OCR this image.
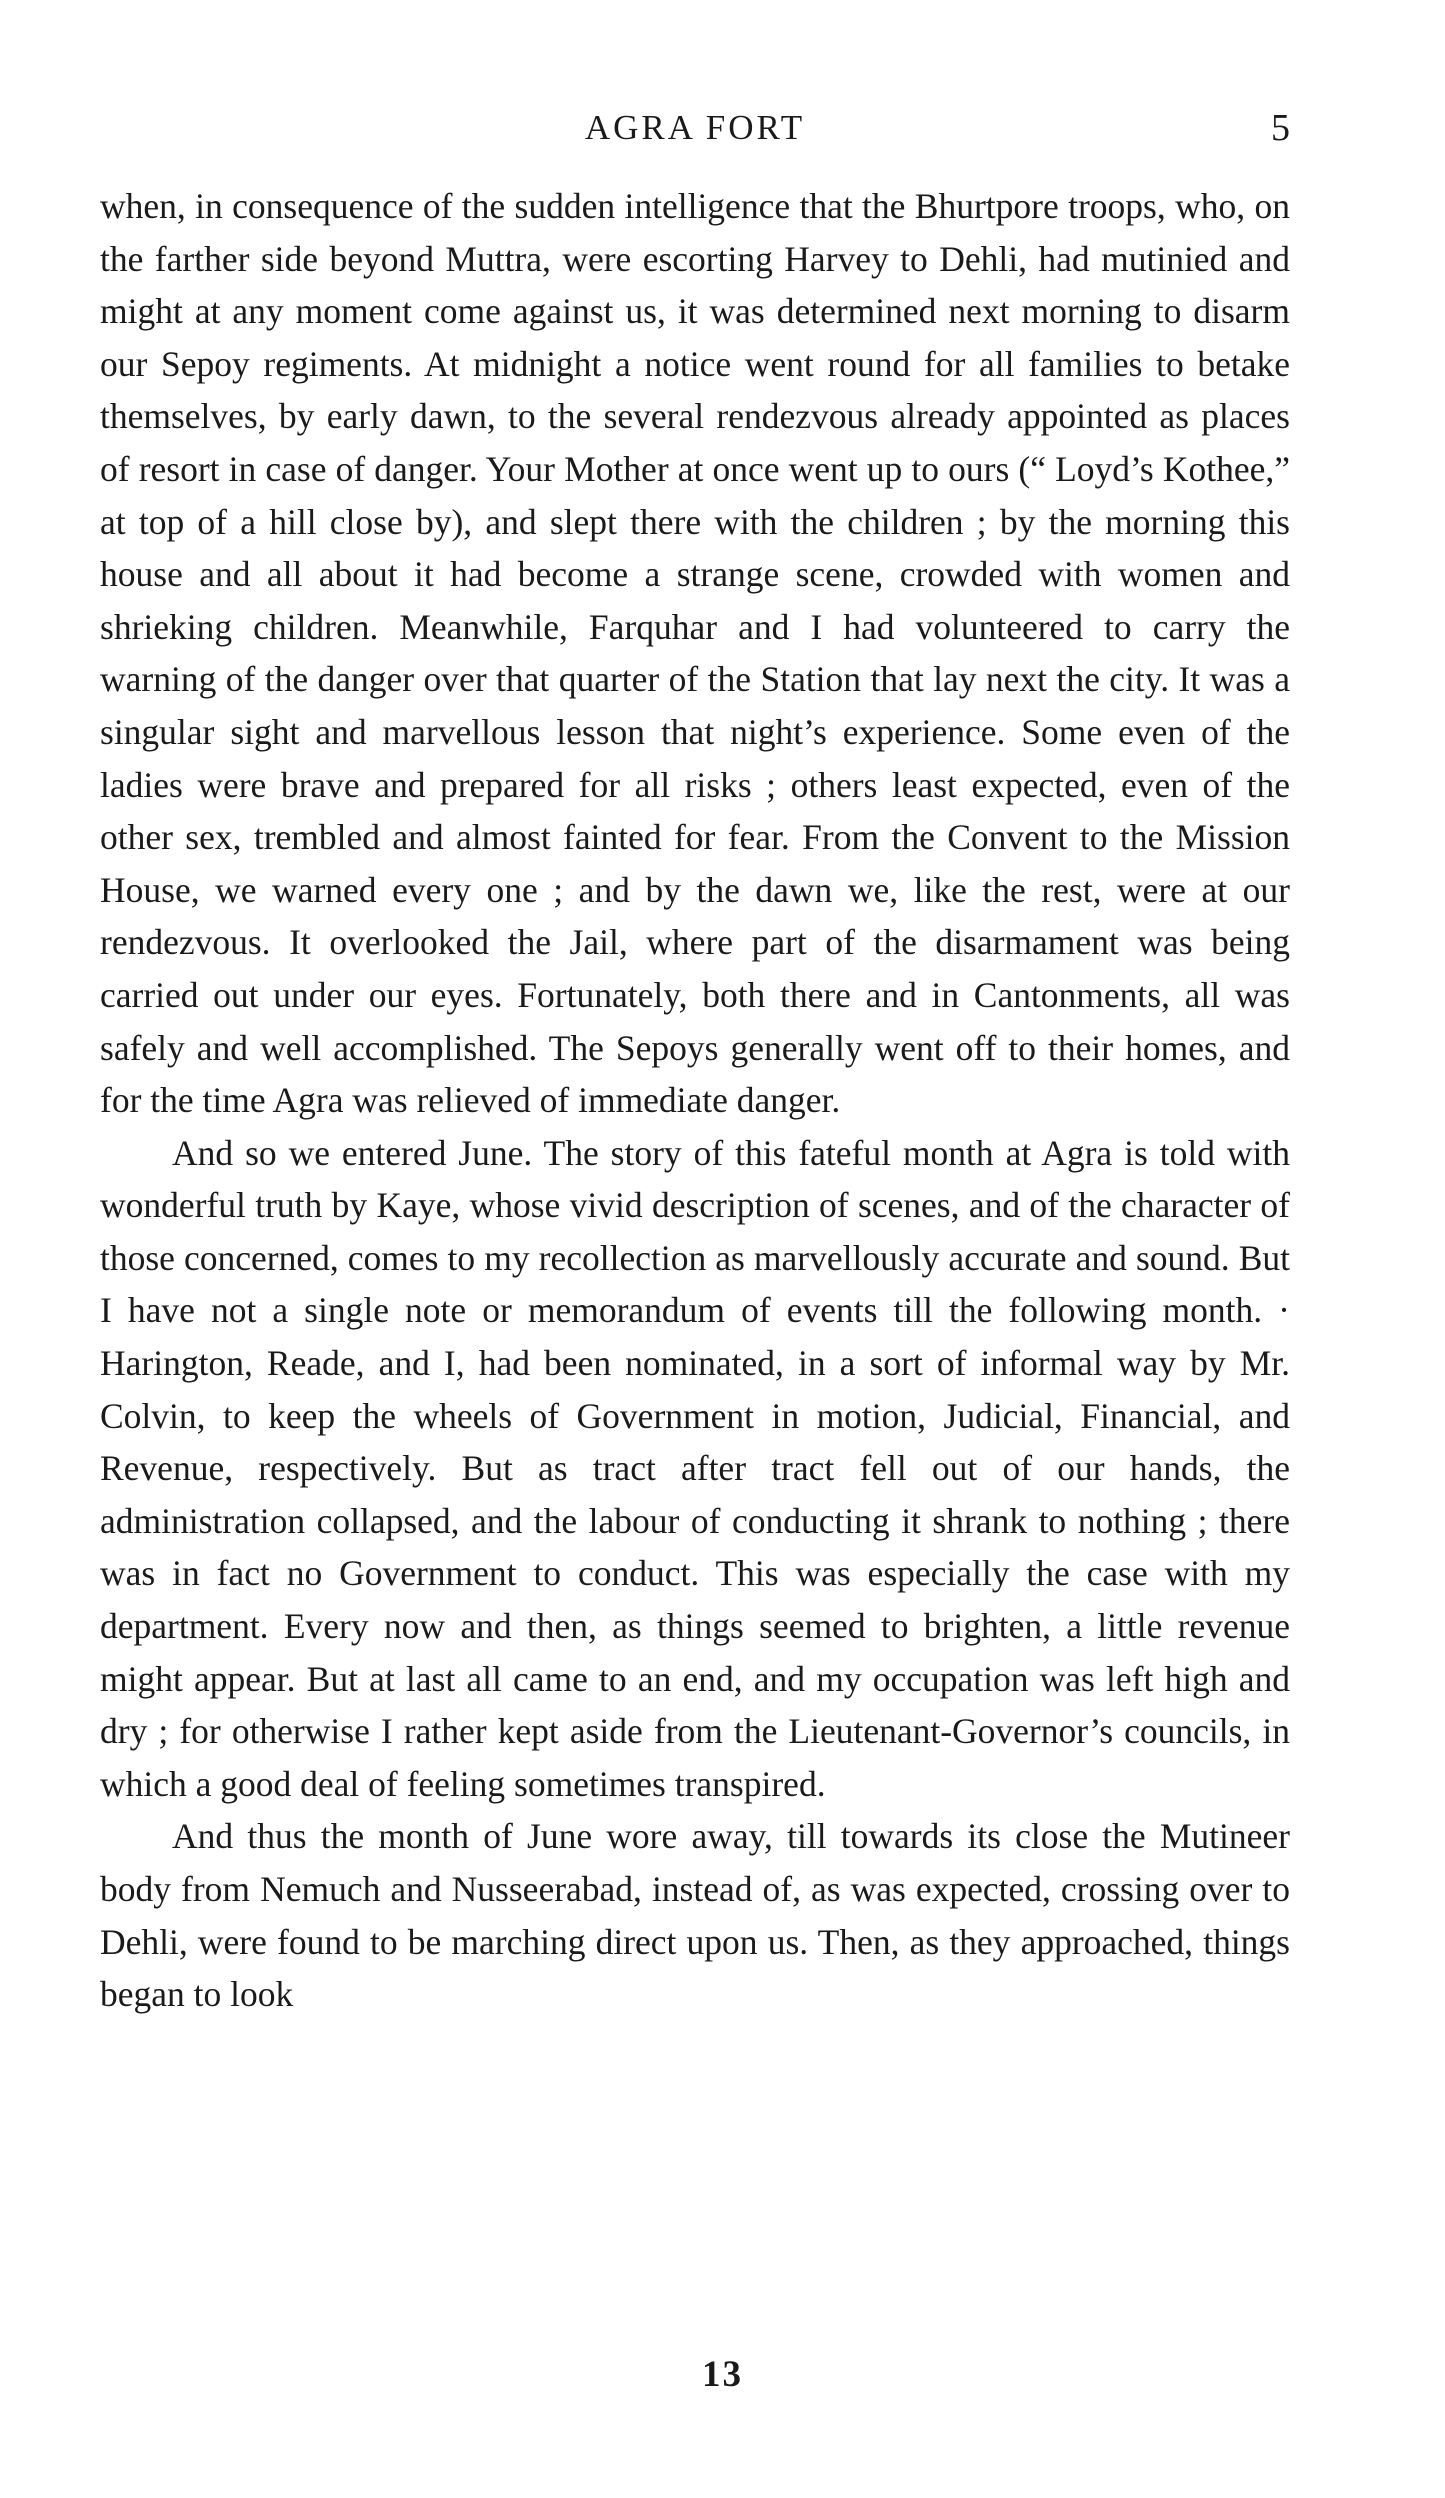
AGRA FORT	5

when, in consequence of the sudden intelligence that the Bhurtpore troops, who, on the farther side beyond Muttra, were escorting Harvey to Dehli, had mutinied and might at any moment come against us, it was determined next morning to disarm our Sepoy regiments. At midnight a notice went round for all families to betake themselves, by early dawn, to the several rendezvous already appointed as places of resort in case of danger. Your Mother at once went up to ours (“ Loyd’s Kothee,” at top of a hill close by), and slept there with the children ; by the morning this house and all about it had become a strange scene, crowded with women and shrieking children. Meanwhile, Farquhar and I had volunteered to carry the warning of the danger over that quarter of the Station that lay next the city. It was a singular sight and marvellous lesson that night’s experience. Some even of the ladies were brave and prepared for all risks ; others least expected, even of the other sex, trembled and almost fainted for fear. From the Convent to the Mission House, we warned every one ; and by the dawn we, like the rest, were at our rendezvous. It overlooked the Jail, where part of the disarmament was being carried out under our eyes. Fortunately, both there and in Cantonments, all was safely and well accomplished. The Sepoys generally went off to their homes, and for the time Agra was relieved of immediate danger.

And so we entered June. The story of this fateful month at Agra is told with wonderful truth by Kaye, whose vivid description of scenes, and of the character of those concerned, comes to my recollection as marvellously accurate and sound. But I have not a single note or memorandum of events till the following month. · Harington, Reade, and I, had been nominated, in a sort of informal way by Mr. Colvin, to keep the wheels of Government in motion, Judicial, Financial, and Revenue, respectively. But as tract after tract fell out of our hands, the administration collapsed, and the labour of conducting it shrank to nothing ; there was in fact no Government to conduct. This was especially the case with my department. Every now and then, as things seemed to brighten, a little revenue might appear. But at last all came to an end, and my occupation was left high and dry ; for otherwise I rather kept aside from the Lieutenant-Governor’s councils, in which a good deal of feeling sometimes transpired.

And thus the month of June wore away, till towards its close the Mutineer body from Nemuch and Nusseerabad, instead of, as was expected, crossing over to Dehli, were found to be marching direct upon us. Then, as they approached, things began to look

13
